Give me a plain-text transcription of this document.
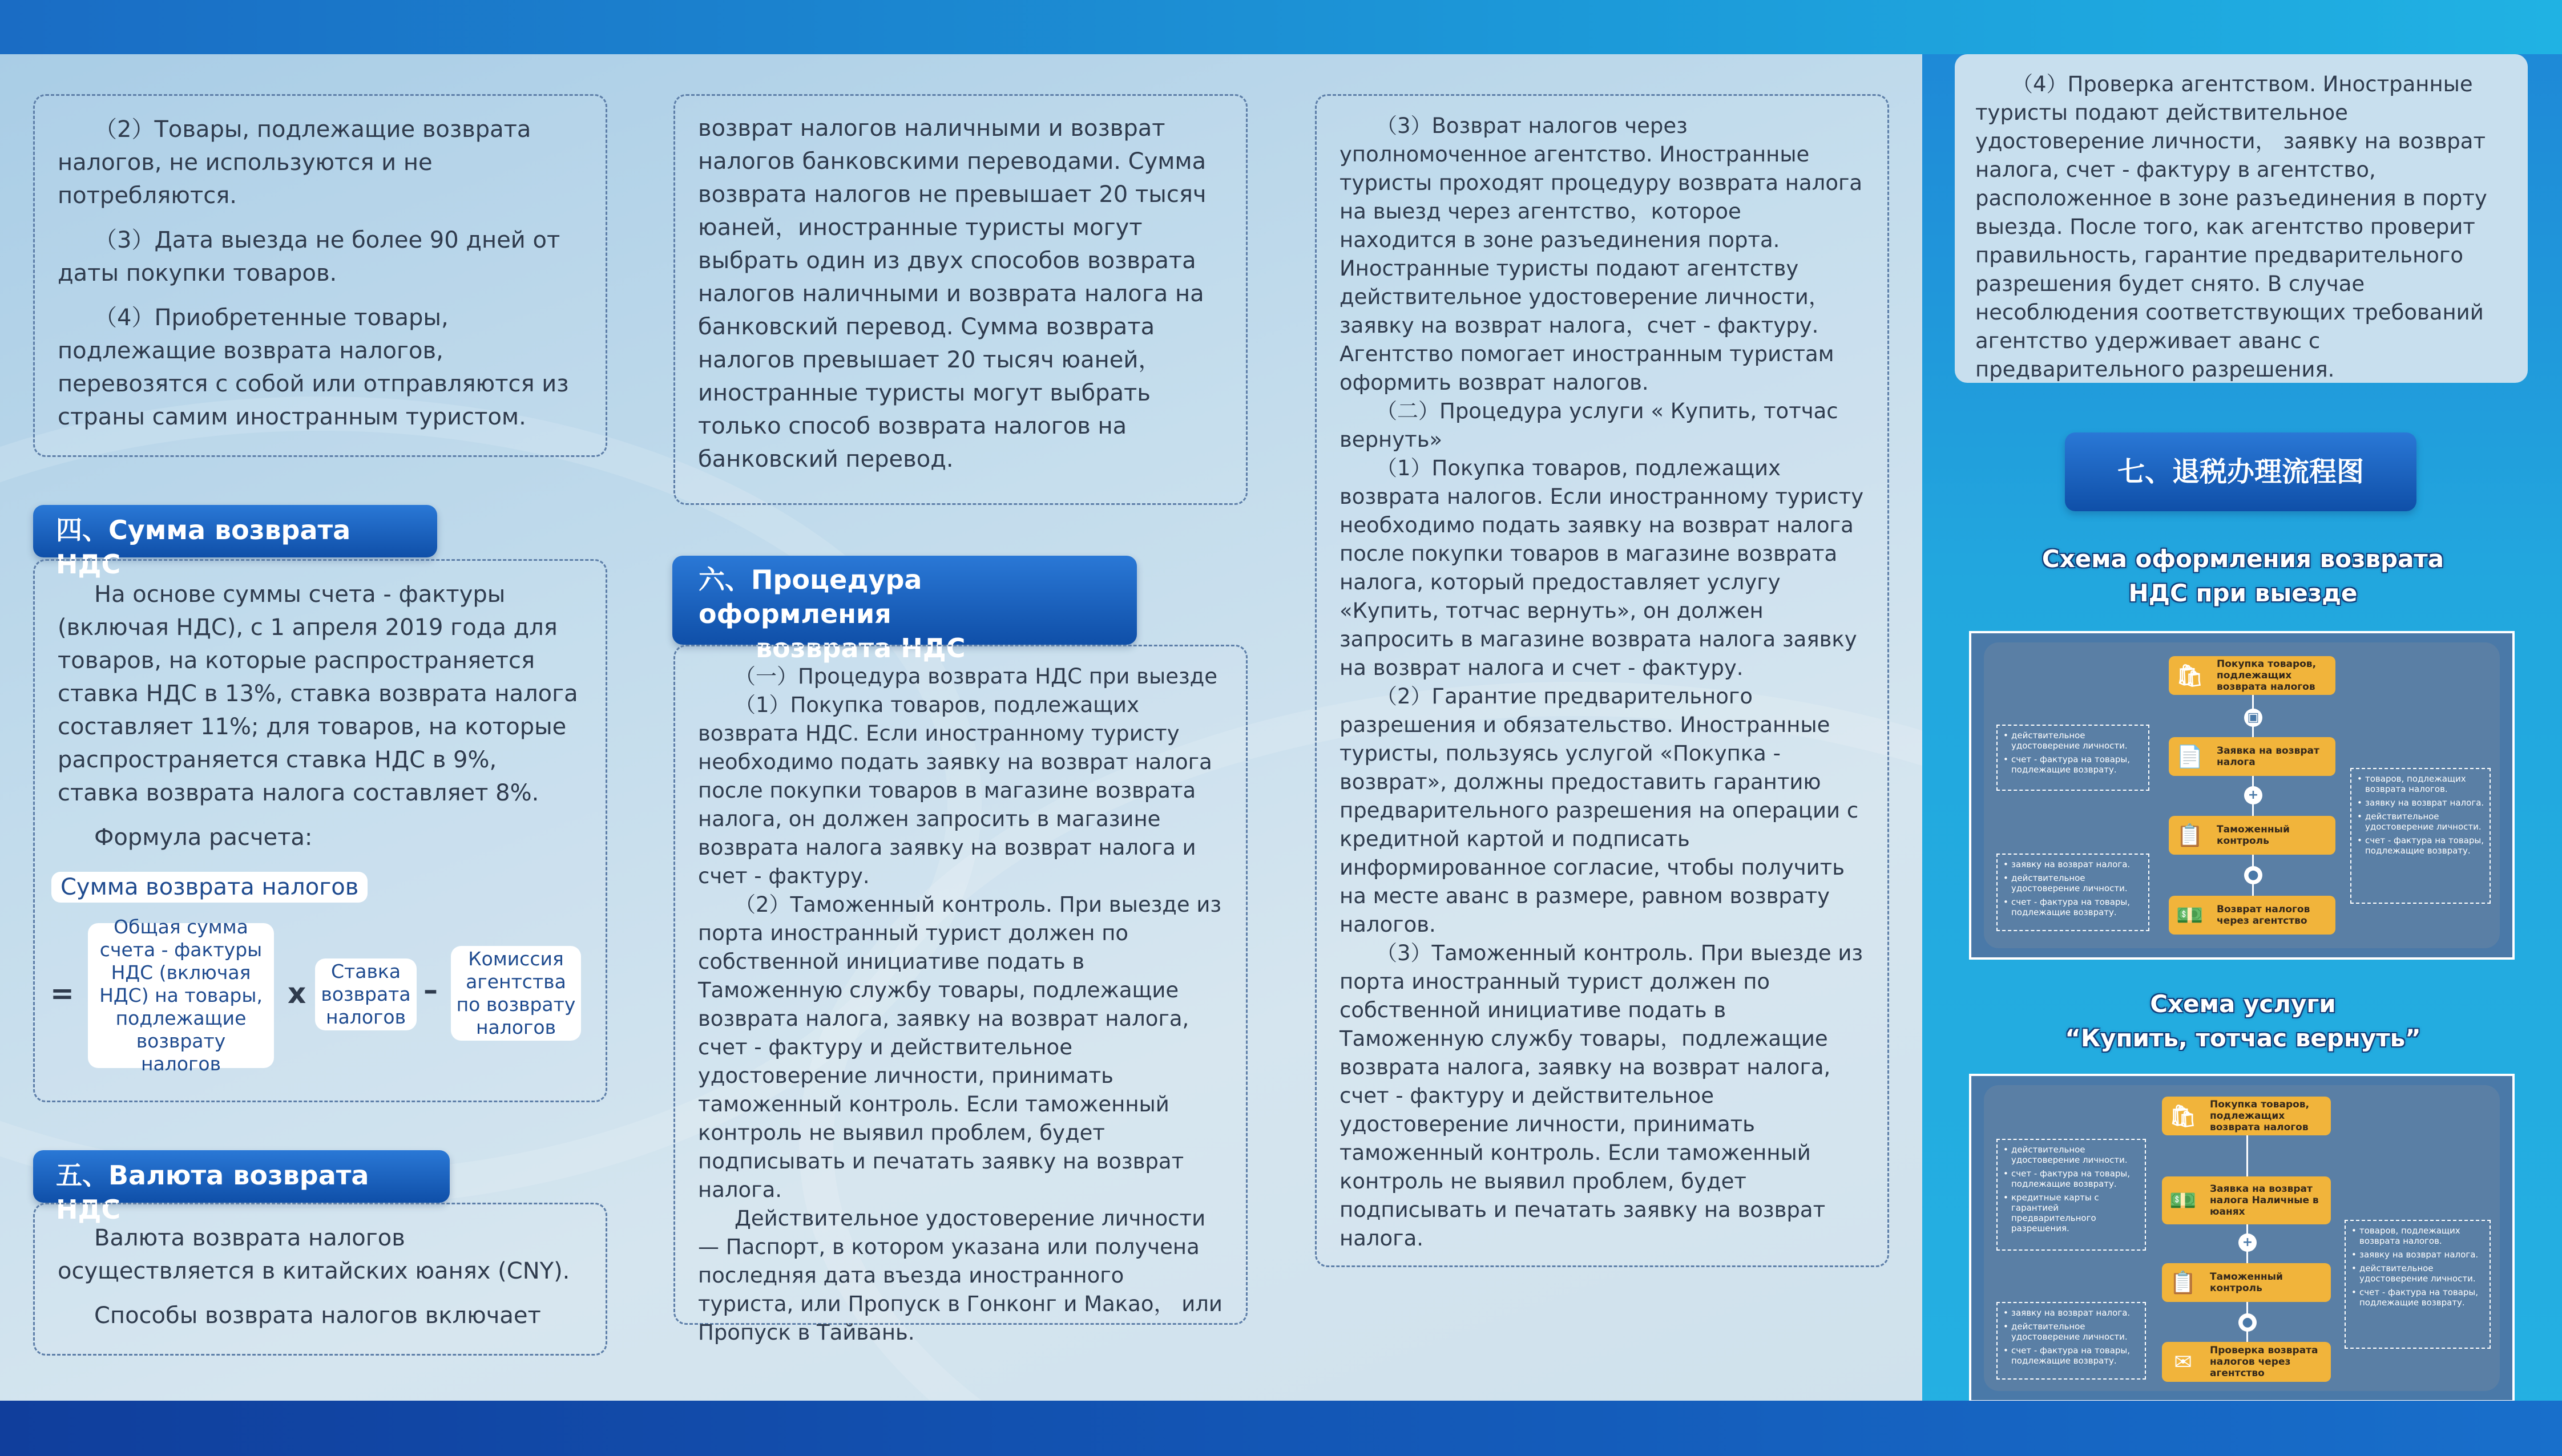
（2）Товары, подлежащие возврата налогов, не используются и не потребляются.

（3）Дата выезда не более 90 дней от даты покупки товаров.

（4）Приобретенные товары, подлежащие возврата налогов, перевозятся с собой или отправляются из страны самим иностранным туристом.

四、Сумма возврата НДС

На основе суммы счета - фактуры (включая НДС), с 1 апреля 2019 года для товаров, на которые распространяется ставка НДС в 13%, ставка возврата налога составляет 11%; для товаров, на которые распространяется ставка НДС в 9%, ставка возврата налога составляет 8%.

Формула расчета:

Сумма возврата налогов
=
Общая сумма счета - фактуры НДС (включая НДС) на товары, подлежащие возврату налогов
x
Ставка возврата налогов
–
Комиссия агентства по возврату налогов
五、Валюта возврата НДС

Валюта возврата налогов осуществляется в китайских юанях (CNY).

Способы возврата налогов включает

возврат налогов наличными и возврат налогов банковскими переводами. Сумма возврата налогов не превышает 20 тысяч юаней，иностранные туристы могут выбрать один из двух способов возврата налогов наличными и возврата налога на банковский перевод. Сумма возврата налогов превышает 20 тысяч юаней，иностранные туристы могут выбрать только способ возврата налогов на банковский перевод.

六、Процедура оформления
возврата НДС

（一）Процедура возврата НДС при выезде

（1）Покупка товаров, подлежащих возврата НДС. Если иностранному туристу необходимо подать заявку на возврат налога после покупки товаров в магазине возврата налога, он должен запросить в магазине возврата налога заявку на возврат налога и счет - фактуру.

（2）Таможенный контроль. При выезде из порта иностранный турист должен по собственной инициативе подать в Таможенную службу товары, подлежащие возврата налога, заявку на возврат налога, счет - фактуру и действительное удостоверение личности, принимать таможенный контроль. Если таможенный контроль не выявил проблем, будет подписывать и печатать заявку на возврат налога.

Действительное удостоверение личности — Паспорт, в котором указана или получена последняя дата въезда иностранного туриста, или Пропуск в Гонконг и Макао， или Пропуск в Тайвань.

（3）Возврат налогов через уполномоченное агентство. Иностранные туристы проходят процедуру возврата налога на выезд через агентство，которое находится в зоне разъединения порта. Иностранные туристы подают агентству действительное удостоверение личности， заявку на возврат налога，счет - фактуру. Агентство помогает иностранным туристам оформить возврат налогов.

（二）Процедура услуги « Купить, тотчас вернуть»

（1）Покупка товаров, подлежащих возврата налогов. Если иностранному туристу необходимо подать заявку на возврат налога после покупки товаров в магазине возврата налога, который предоставляет услугу «Купить, тотчас вернуть», он должен запросить в магазине возврата налога заявку на возврат налога и счет - фактуру.

（2）Гарантие предварительного разрешения и обязательство. Иностранные туристы, пользуясь услугой «Покупка - возврат», должны предоставить гарантию предварительного разрешения на операции с кредитной картой и подписать информированное согласие, чтобы получить на месте аванс в размере, равном возврату налогов.

（3）Таможенный контроль. При выезде из порта иностранный турист должен по собственной инициативе подать в Таможенную службу товары，подлежащие возврата налога, заявку на возврат налога, счет - фактуру и действительное удостоверение личности, принимать таможенный контроль. Если таможенный контроль не выявил проблем, будет подписывать и печатать заявку на возврат налога.

（4）Проверка агентством. Иностранные туристы подают действительное удостоверение личности， заявку на возврат налога, счет - фактуру в агентство, расположенное в зоне разъединения в порту выезда. После того, как агентство проверит правильность, гарантие предварительного разрешения будет снято. В случае несоблюдения соответствующих требований агентство удерживает аванс с предварительного разрешения.
七、退税办理流程图
Схема оформления возврата
НДС при выезде
🛍 Покупка товаров, подлежащих возврата налогов
▣
📄 Заявка на возврат налога
+
📋 Таможенный контроль
●
💵 Возврат налогов через агентство
• действительное удостоверение личности.
• счет - фактура на товары, подлежащие возврату.
• заявку на возврат налога.
• действительное удостоверение личности.
• счет - фактура на товары, подлежащие возврату.
• товаров, подлежащих возврата налогов.
• заявку на возврат налога.
• действительное удостоверение личности.
• счет - фактура на товары, подлежащие возврату.
Схема услуги
“Купить, тотчас вернуть”
🛍 Покупка товаров, подлежащих возврата налогов
💵 Заявка на возврат налога Наличные в юанях
+
📋 Таможенный контроль
●
✉	Проверка возврата налогов через агентство
• действительное удостоверение личности.
• счет - фактура на товары, подлежащие возврату.
• кредитные карты с гарантией предварительного разрешения.
• заявку на возврат налога.
• действительное удостоверение личности.
• счет - фактура на товары, подлежащие возврату.
• товаров, подлежащих возврата налогов.
• заявку на возврат налога.
• действительное удостоверение личности.
• счет - фактура на товары, подлежащие возврату.
